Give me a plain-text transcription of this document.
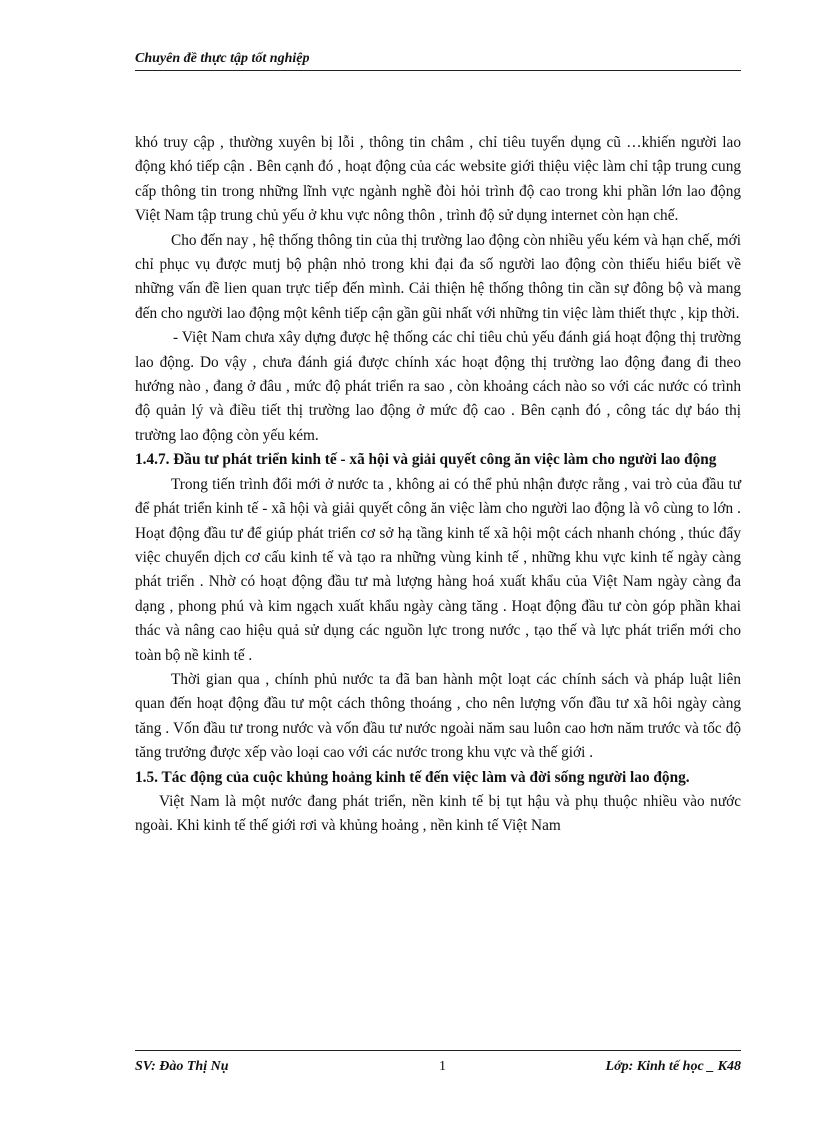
Chuyên đề thực tập tốt nghiệp

khó truy cập , thường xuyên bị lỗi , thông tin châm , chỉ tiêu tuyển dụng cũ …khiến người lao động khó tiếp cận . Bên cạnh đó , hoạt động của các website giới thiệu việc làm chỉ tập trung cung cấp thông tin trong những lĩnh vực ngành nghề đòi hỏi trình độ cao trong khi phần lớn lao động Việt Nam tập trung chủ yếu ở khu vực nông thôn , trình độ sử dụng internet còn hạn chế.

Cho đến nay , hệ thống thông tin của thị trường lao động còn nhiều yếu kém và hạn chế, mới chỉ phục vụ được mutj bộ phận nhỏ trong khi đại đa số người lao động còn thiếu hiểu biết về những vấn đề lien quan trực tiếp đến mình. Cải thiện hệ thống thông tin cần sự đông bộ và mang đến cho người lao động một kênh tiếp cận gần gũi nhất với những tin việc làm thiết thực , kịp thời.

- Việt Nam chưa xây dựng được hệ thống các chỉ tiêu chủ yếu đánh giá hoạt động thị trường lao động. Do vậy , chưa đánh giá được chính xác hoạt động thị trường lao động đang đi theo hướng nào , đang ở đâu , mức độ phát triển ra sao , còn khoảng cách nào so với các nước có trình độ quản lý và điều tiết thị trường lao động ở mức độ cao . Bên cạnh đó , công tác dự báo thị trường lao động còn yếu kém.

1.4.7. Đầu tư phát triển kinh tế - xã hội và giải quyết công ăn việc làm cho người lao động

Trong tiến trình đổi mới ở nước ta , không ai có thể phủ nhận được rằng , vai trò của đầu tư để phát triển kinh tế - xã hội và giải quyết công ăn việc làm cho người lao động là vô cùng to lớn . Hoạt động đầu tư để giúp phát triển cơ sở hạ tầng kinh tế xã hội một cách nhanh chóng , thúc đẩy việc chuyển dịch cơ cấu kinh tế và tạo ra những vùng kinh tế , những khu vực kinh tế ngày càng phát triển . Nhờ có hoạt động đầu tư mà lượng hàng hoá xuất khẩu của Việt Nam ngày càng đa dạng , phong phú và kim ngạch xuất khẩu ngày càng tăng . Hoạt động đầu tư còn góp phần khai thác và nâng cao hiệu quả sử dụng các nguồn lực trong nước , tạo thế và lực phát triển mới cho toàn bộ nề kinh tế .

Thời gian qua , chính phủ nước ta đã ban hành một loạt các chính sách và pháp luật liên quan đến hoạt động đầu tư một cách thông thoáng , cho nên lượng vốn đầu tư xã hôi ngày càng tăng . Vốn đầu tư trong nước và vốn đầu tư nước ngoài năm sau luôn cao hơn năm trước và tốc độ tăng trưởng được xếp vào loại cao với các nước trong khu vực và thế giới .

1.5. Tác động của cuộc khủng hoảng kinh tế đến việc làm và đời sống người lao động.

Việt Nam là một nước đang phát triển, nền kinh tế bị tụt hậu và phụ thuộc nhiều vào nước ngoài. Khi kinh tế thế giới rơi và khủng hoảng , nền kinh tế Việt Nam

SV: Đào Thị Nụ	1	Lớp: Kinh tế học _ K48
